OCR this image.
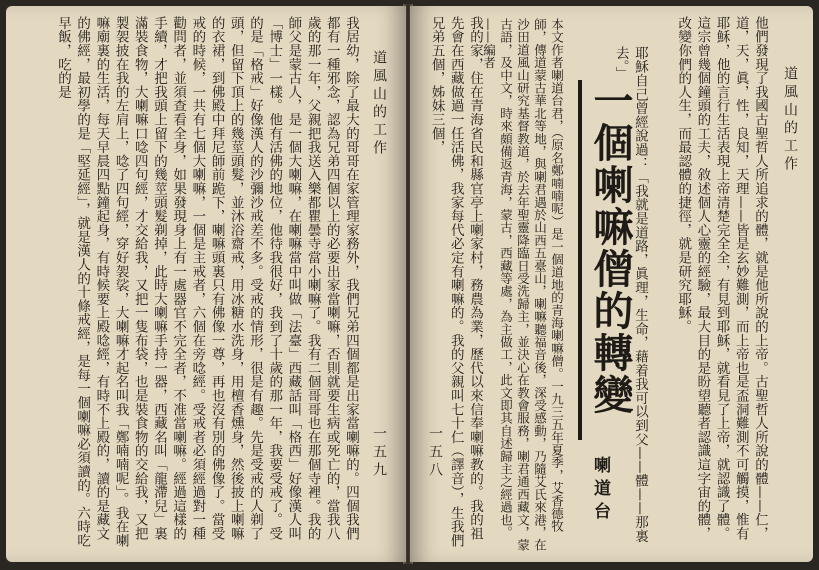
道風山的工作
一五九

我居幼，除了最大的哥哥在家管理家務外，我們兄弟四個都是出家當喇嘛的。四個我們都有一種邪念，認為兄弟四個以上的必要出家當喇嘛，否則就要生病或死亡的，當我八歲的那一年，父親把我送入樂都瞿曇寺當小喇嘛了。我有二個哥哥也在那個寺裡。我的師父是蒙古人，是一個大喇嘛，在喇嘛當中叫做「法臺」西藏話叫「格西」好像漢人叫「博士」一樣。他有活佛的地位，他待我很好，我到了十歲的那一年，我要受戒了。受的是「格戒」好像漢人的沙彌沙戒差不多。受戒的情形，很是有趣。先是受戒的人剃了頭，但留下頂上的幾莖頭髮，並沐浴齋戒，用冰糖水洗身，用檀香燻身，然後披上喇嘛的衣裙，到佛殿中拜尼師前跪下，喇嘛頭裏只有佛像一尊，再也沒有別的佛像了。當受戒的時候，一共有七個大喇嘛，一個是主戒者，六個在旁唸經。受戒者必須經過對一種勸問者，並須查看全身，如果發現身上有一處器官不完全者，不准當喇嘛。經過這樣的手續，才把我頭上留下的幾莖頭髮剃掉，此時大喇嘛手持一器，西藏名叫「龍滯兒」裏滿裝食物，大喇嘛口唸四句經，才交給我，又把一隻布袋，也是裝食物的交給我，又把製袈披在我的左肩上，唸了四句經，穿好袈裟，大喇嘛才起名叫我「鄭喃喃呢」。我在喇嘛廟裏的生活，每天早晨四點鐘起身，有時候要上殿唸經，有時不上殿的，讀的是藏文的佛經，最初學的是「堅延經」，就是漢人的十條戒經，是每一個喇嘛必須讀的。六時吃早飯，吃的是

道風山的工作
一五八	他們發現了我國古聖哲人所追求的體，就是他所說的上帝。古聖哲人所說的體——仁，道，天，眞，性，良知，天理——皆是玄妙難測，而上帝也是盃洞難測不可觸摸，惟有耶穌，他的言行生活表現上帝清楚完全全，有見到耶穌，就看見了上帝，就認識了體。這宗曾幾個鐘頭的工夫，敘述個人心靈的經驗，最大目的是盼望聽者認識這字宙的體，改變你們的人生，而最認體的捷徑，就是研究耶穌。

耶穌自己曾經說過：「我就是道路，眞理，生命，藉着我可以到父——體——那裏去。」

一個喇嘛僧的轉變
喇道台

本文作者喇道台君，（原名鄭喃喃呢）是一個道地的青海喇嘛僧。一九三五年夏季，艾香德牧師，傳道蒙古華北等地，與喇君遇於山西五臺山，喇嘛聽福音後，深受感動，乃隨艾氏來港，在沙田道風山研究基督教道，於去年聖靈降臨日受洗歸主，並決心在教會服務，喇君通西藏文，蒙古語，及中文，時來頗備返青海，蒙古，西藏等處，為主做工，此文即其自述歸主之經過也。　　——編者

我的家，住在青海省民和縣官亭上喇家村，務農為業，歷代以來信奉喇嘛教的。我的祖先會在西藏做過一任活佛，我家每代必定有喇嘛的。我的父親叫七十仁（譯音），生我們兄弟五個，姊妹三個，
